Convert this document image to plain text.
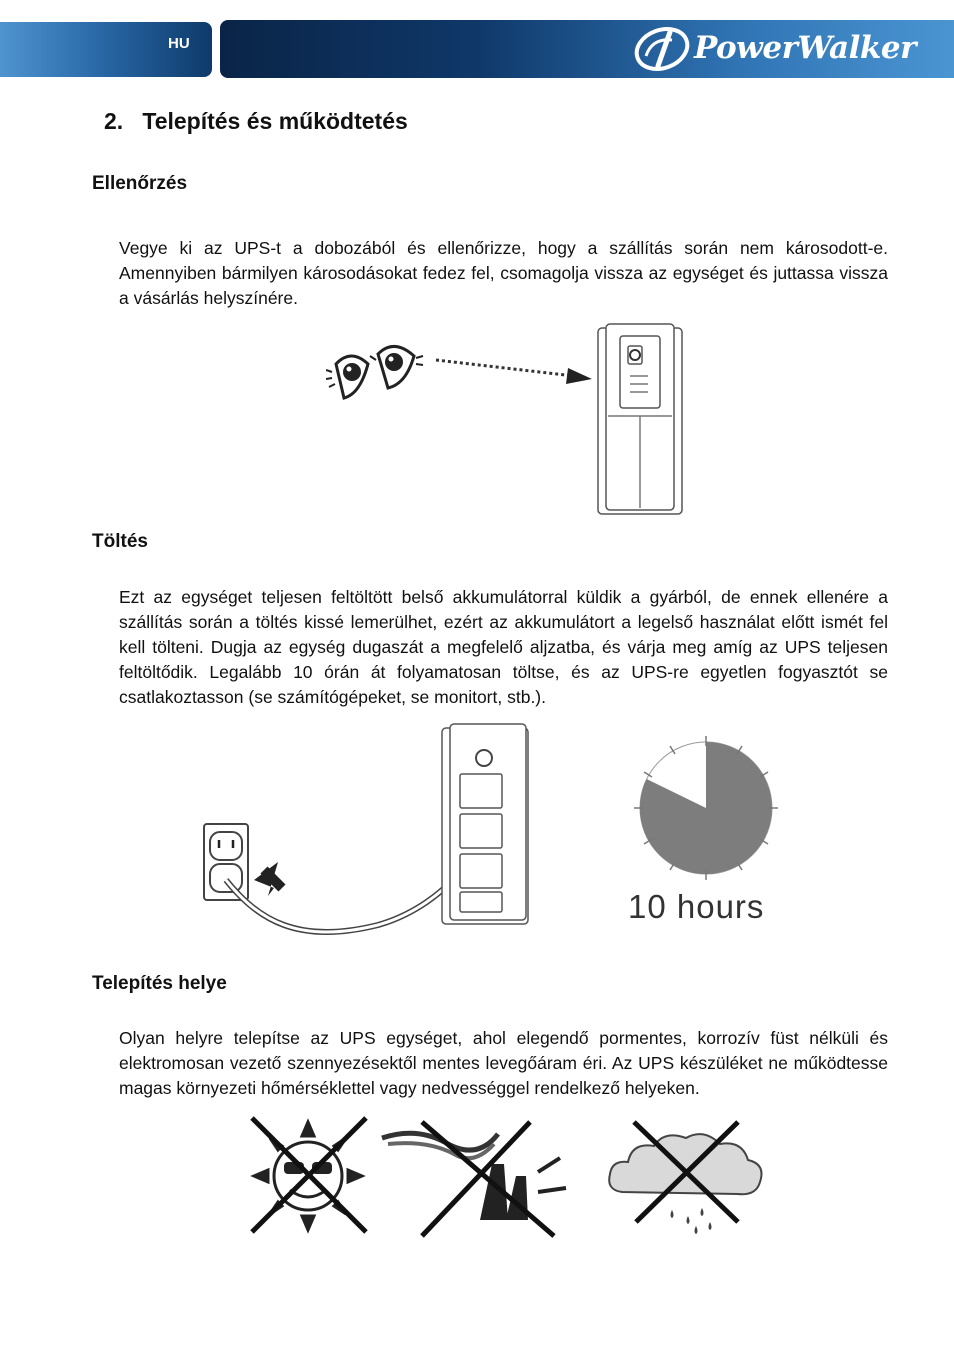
HU	PowerWalker
2.   Telepítés és működtetés
Ellenőrzés

Vegye ki az UPS-t a dobozából és ellenőrizze, hogy a szállítás során nem károsodott-e. Amennyiben bármilyen károsodásokat fedez fel, csomagolja vissza az egységet és juttassa vissza a vásárlás helyszínére.

Töltés

Ezt az egységet teljesen feltöltött belső akkumulátorral küldik a gyárból, de ennek ellenére a szállítás során a töltés kissé lemerülhet, ezért az akkumulátort a legelső használat előtt ismét fel kell tölteni. Dugja az egység dugaszát a megfelelő aljzatba, és várja meg amíg az UPS teljesen feltöltődik. Legalább 10 órán át folyamatosan töltse, és az UPS-re egyetlen fogyasztót se csatlakoztasson (se számítógépeket, se monitort, stb.).

10 hours
Telepítés helye

Olyan helyre telepítse az UPS egységet, ahol elegendő pormentes, korrozív füst nélküli és elektromosan vezető szennyezésektől mentes levegőáram éri. Az UPS készüléket ne működtesse magas környezeti hőmérséklettel vagy nedvességgel rendelkező helyeken.
